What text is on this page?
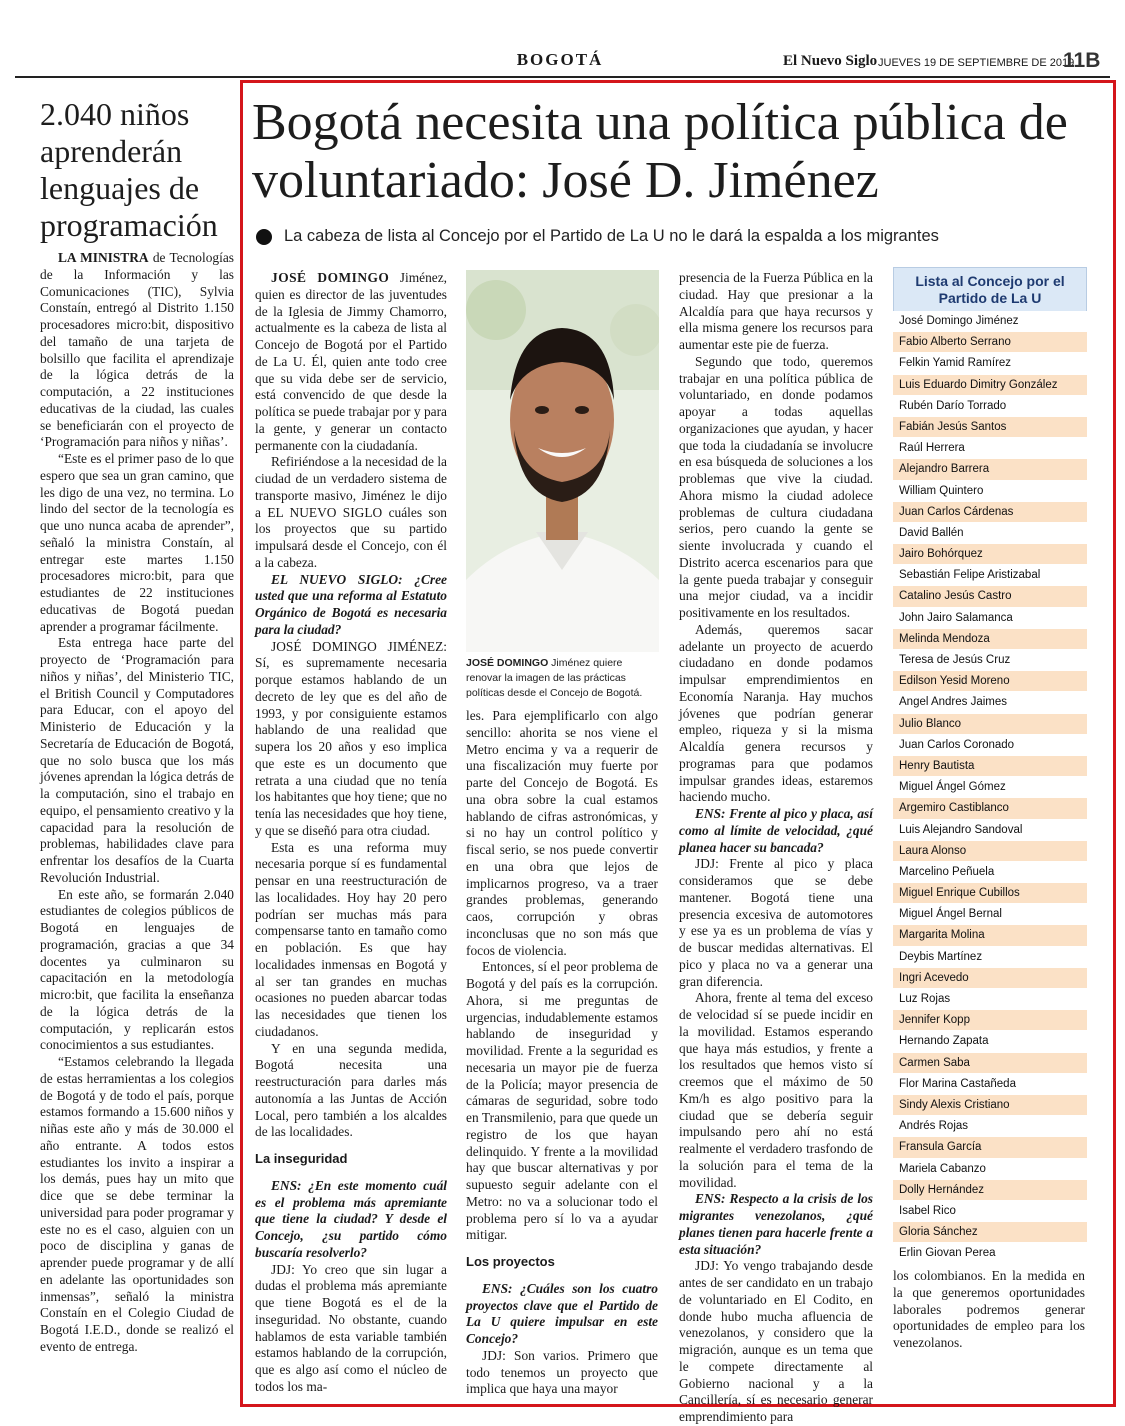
BOGOTÁ	El Nuevo Siglo JUEVES 19 DE SEPTIEMBRE DE 2019
11B
2.040 niños aprenderán lenguajes de programación

LA MINISTRA de Tecnologías de la Información y las Comunicaciones (TIC), Sylvia Constaín, entregó al Distrito 1.150 procesadores micro:bit, dispositivo del tamaño de una tarjeta de bolsillo que facilita el aprendizaje de la lógica detrás de la computación, a 22 instituciones educativas de la ciudad, las cuales se beneficiarán con el proyecto de ‘Programación para niños y niñas’.

“Este es el primer paso de lo que espero que sea un gran camino, que les digo de una vez, no termina. Lo lindo del sector de la tecnología es que uno nunca acaba de aprender”, señaló la ministra Constaín, al entregar este martes 1.150 procesadores micro:bit, para que estudiantes de 22 instituciones educativas de Bogotá puedan aprender a programar fácilmente.

Esta entrega hace parte del proyecto de ‘Programación para niños y niñas’, del Ministerio TIC, el British Council y Computadores para Educar, con el apoyo del Ministerio de Educación y la Secretaría de Educación de Bogotá, que no solo busca que los más jóvenes aprendan la lógica detrás de la computación, sino el trabajo en equipo, el pensamiento creativo y la capacidad para la resolución de problemas, habilidades clave para enfrentar los desafíos de la Cuarta Revolución Industrial.

En este año, se formarán 2.040 estudiantes de colegios públicos de Bogotá en lenguajes de programación, gracias a que 34 docentes ya culminaron su capacitación en la metodología micro:bit, que facilita la enseñanza de la lógica detrás de la computación, y replicarán estos conocimientos a sus estudiantes.

“Estamos celebrando la llegada de estas herramientas a los colegios de Bogotá y de todo el país, porque estamos formando a 15.600 niños y niñas este año y más de 30.000 el año entrante. A todos estos estudiantes los invito a inspirar a los demás, pues hay un mito que dice que se debe terminar la universidad para poder programar y este no es el caso, alguien con un poco de disciplina y ganas de aprender puede programar y de allí en adelante las oportunidades son inmensas”, señaló la ministra Constaín en el Colegio Ciudad de Bogotá I.E.D., donde se realizó el evento de entrega.

Bogotá necesita una política pública de voluntariado: José D. Jiménez
La cabeza de lista al Concejo por el Partido de La U no le dará la espalda a los migrantes

JOSÉ DOMINGO Jiménez, quien es director de las juventudes de la Iglesia de Jimmy Chamorro, actualmente es la cabeza de lista al Concejo de Bogotá por el Partido de La U. Él, quien ante todo cree que su vida debe ser de servicio, está convencido de que desde la política se puede trabajar por y para la gente, y generar un contacto permanente con la ciudadanía.

Refiriéndose a la necesidad de la ciudad de un verdadero sistema de transporte masivo, Jiménez le dijo a EL NUEVO SIGLO cuáles son los proyectos que su partido impulsará desde el Concejo, con él a la cabeza.

EL NUEVO SIGLO: ¿Cree usted que una reforma al Estatuto Orgánico de Bogotá es necesaria para la ciudad?

JOSÉ DOMINGO JIMÉNEZ: Sí, es supremamente necesaria porque estamos hablando de un decreto de ley que es del año de 1993, y por consiguiente estamos hablando de una realidad que supera los 20 años y eso implica que este es un documento que retrata a una ciudad que no tenía los habitantes que hoy tiene; que no tenía las necesidades que hoy tiene, y que se diseñó para otra ciudad.

Esta es una reforma muy necesaria porque sí es fundamental pensar en una reestructuración de las localidades. Hoy hay 20 pero podrían ser muchas más para compensarse tanto en tamaño como en población. Es que hay localidades inmensas en Bogotá y al ser tan grandes en muchas ocasiones no pueden abarcar todas las necesidades que tienen los ciudadanos.

Y en una segunda medida, Bogotá necesita una reestructuración para darles más autonomía a las Juntas de Acción Local, pero también a los alcaldes de las localidades.

La inseguridad

ENS: ¿En este momento cuál es el problema más apremiante que tiene la ciudad? Y desde el Concejo, ¿su partido cómo buscaría resolverlo?

JDJ: Yo creo que sin lugar a dudas el problema más apremiante que tiene Bogotá es el de la inseguridad. No obstante, cuando hablamos de esta variable también estamos hablando de la corrupción, que es algo así como el núcleo de todos los ma-

JOSÉ DOMINGO Jiménez quiere renovar la imagen de las prácticas políticas desde el Concejo de Bogotá.

les. Para ejemplificarlo con algo sencillo: ahorita se nos viene el Metro encima y va a requerir de una fiscalización muy fuerte por parte del Concejo de Bogotá. Es una obra sobre la cual estamos hablando de cifras astronómicas, y si no hay un control político y fiscal serio, se nos puede convertir en una obra que lejos de implicarnos progreso, va a traer grandes problemas, generando caos, corrupción y obras inconclusas que no son más que focos de violencia.

Entonces, sí el peor problema de Bogotá y del país es la corrupción. Ahora, si me preguntas de urgencias, indudablemente estamos hablando de inseguridad y movilidad. Frente a la seguridad es necesaria un mayor pie de fuerza de la Policía; mayor presencia de cámaras de seguridad, sobre todo en Transmilenio, para que quede un registro de los que hayan delinquido. Y frente a la movilidad hay que buscar alternativas y por supuesto seguir adelante con el Metro: no va a solucionar todo el problema pero sí lo va a ayudar mitigar.

Los proyectos

ENS: ¿Cuáles son los cuatro proyectos clave que el Partido de La U quiere impulsar en este Concejo?

JDJ: Son varios. Primero que todo tenemos un proyecto que implica que haya una mayor

presencia de la Fuerza Pública en la ciudad. Hay que presionar a la Alcaldía para que haya recursos y ella misma genere los recursos para aumentar este pie de fuerza.

Segundo que todo, queremos trabajar en una política pública de voluntariado, en donde podamos apoyar a todas aquellas organizaciones que ayudan, y hacer que toda la ciudadanía se involucre en esa búsqueda de soluciones a los problemas que vive la ciudad. Ahora mismo la ciudad adolece problemas de cultura ciudadana serios, pero cuando la gente se siente involucrada y cuando el Distrito acerca escenarios para que la gente pueda trabajar y conseguir una mejor ciudad, va a incidir positivamente en los resultados.

Además, queremos sacar adelante un proyecto de acuerdo ciudadano en donde podamos impulsar emprendimientos en Economía Naranja. Hay muchos jóvenes que podrían generar empleo, riqueza y si la misma Alcaldía genera recursos y programas para que podamos impulsar grandes ideas, estaremos haciendo mucho.

ENS: Frente al pico y placa, así como al límite de velocidad, ¿qué planea hacer su bancada?

JDJ: Frente al pico y placa consideramos que se debe mantener. Bogotá tiene una presencia excesiva de automotores y ese ya es un problema de vías y de buscar medidas alternativas. El pico y placa no va a generar una gran diferencia.

Ahora, frente al tema del exceso de velocidad sí se puede incidir en la movilidad. Estamos esperando que haya más estudios, y frente a los resultados que hemos visto sí creemos que el máximo de 50 Km/h es algo positivo para la ciudad que se debería seguir impulsando pero ahí no está realmente el verdadero trasfondo de la solución para el tema de la movilidad.

ENS: Respecto a la crisis de los migrantes venezolanos, ¿qué planes tienen para hacerle frente a esta situación?

JDJ: Yo vengo trabajando desde antes de ser candidato en un trabajo de voluntariado en El Codito, en donde hubo mucha afluencia de venezolanos, y considero que la migración, aunque es un tema que le compete directamente al Gobierno nacional y a la Cancillería, sí es necesario generar emprendimiento para

Lista al Concejo por el Partido de La U
José Domingo Jiménez
Fabio Alberto Serrano
Felkin Yamid Ramírez
Luis Eduardo Dimitry González
Rubén Darío Torrado
Fabián Jesús Santos
Raúl Herrera
Alejandro Barrera
William Quintero
Juan Carlos Cárdenas
David Ballén
Jairo Bohórquez
Sebastián Felipe Aristizabal
Catalino Jesús Castro
John Jairo Salamanca
Melinda Mendoza
Teresa de Jesús Cruz
Edilson Yesid Moreno
Angel Andres Jaimes
Julio Blanco
Juan Carlos Coronado
Henry Bautista
Miguel Ángel Gómez
Argemiro Castiblanco
Luis Alejandro Sandoval
Laura Alonso
Marcelino Peñuela
Miguel Enrique Cubillos
Miguel Ángel Bernal
Margarita Molina
Deybis Martínez
Ingri Acevedo
Luz Rojas
Jennifer Kopp
Hernando Zapata
Carmen Saba
Flor Marina Castañeda
Sindy Alexis Cristiano
Andrés Rojas
Fransula García
Mariela Cabanzo
Dolly Hernández
Isabel Rico
Gloria Sánchez
Erlin Giovan Perea

los colombianos. En la medida en la que generemos oportunidades laborales podremos generar oportunidades de empleo para los venezolanos.
